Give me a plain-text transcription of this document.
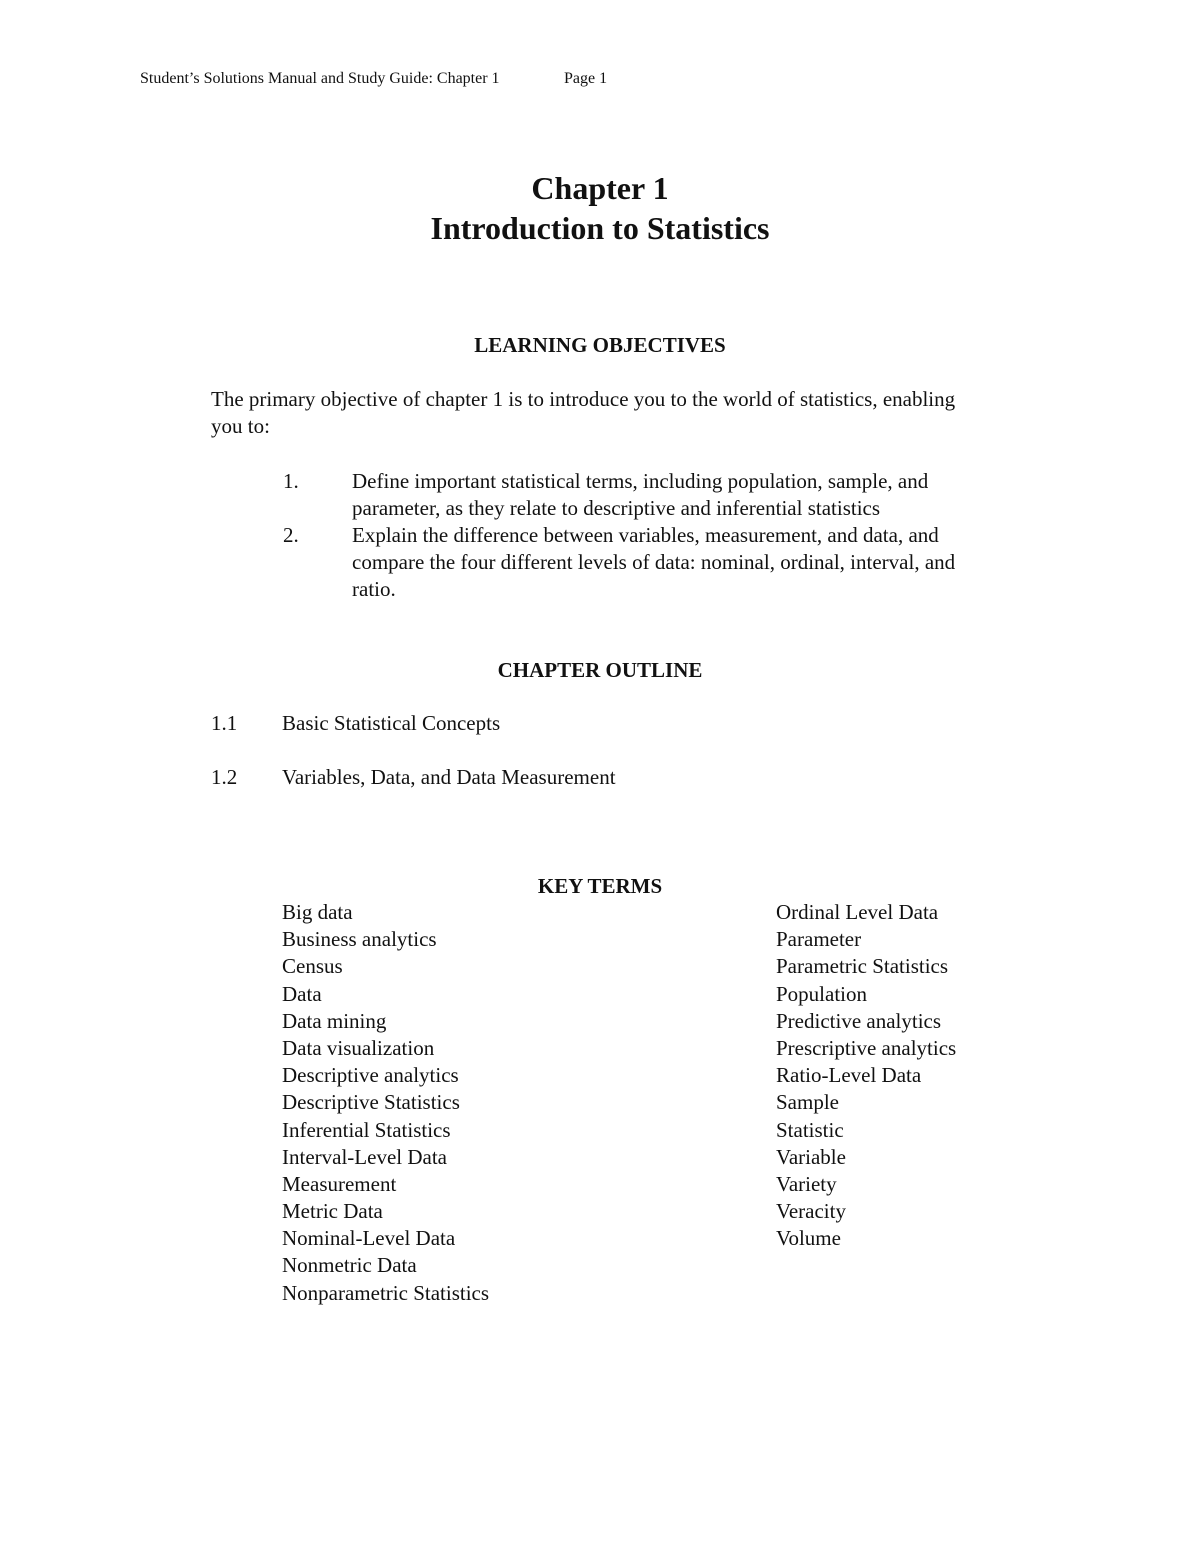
Student’s Solutions Manual and Study Guide: Chapter 1	Page 1
Chapter 1
Introduction to Statistics
LEARNING OBJECTIVES
The primary objective of chapter 1 is to introduce you to the world of statistics, enabling
you to:
1.	Define important statistical terms, including population, sample, and
parameter, as they relate to descriptive and inferential statistics
2.	Explain the difference between variables, measurement, and data, and
compare the four different levels of data: nominal, ordinal, interval, and
ratio.
CHAPTER OUTLINE
1.1 Basic Statistical Concepts
1.2 Variables, Data, and Data Measurement
KEY TERMS
Big data
Business analytics
Census
Data
Data mining
Data visualization
Descriptive analytics
Descriptive Statistics
Inferential Statistics
Interval-Level Data
Measurement
Metric Data
Nominal-Level Data
Nonmetric Data
Nonparametric Statistics
Ordinal Level Data
Parameter
Parametric Statistics
Population
Predictive analytics
Prescriptive analytics
Ratio-Level Data
Sample
Statistic
Variable
Variety
Veracity
Volume
